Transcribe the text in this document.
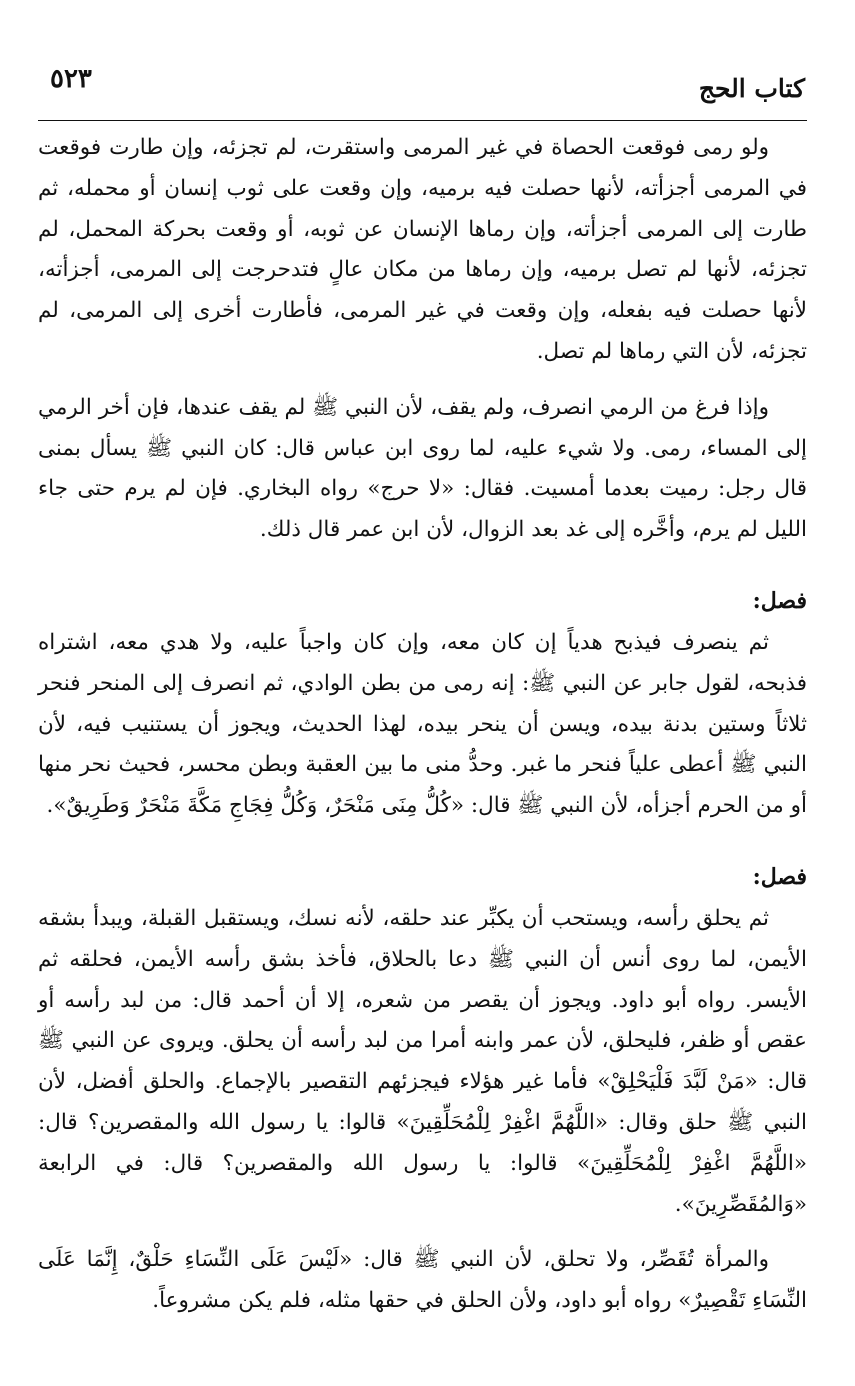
٥٢٣	كتاب الحج

ولو رمى فوقعت الحصاة في غير المرمى واستقرت، لم تجزئه، وإن طارت فوقعت في المرمى أجزأته، لأنها حصلت فيه برميه، وإن وقعت على ثوب إنسان أو محمله، ثم طارت إلى المرمى أجزأته، وإن رماها الإنسان عن ثوبه، أو وقعت بحركة المحمل، لم تجزئه، لأنها لم تصل برميه، وإن رماها من مكان عالٍ فتدحرجت إلى المرمى، أجزأته، لأنها حصلت فيه بفعله، وإن وقعت في غير المرمى، فأطارت أخرى إلى المرمى، لم تجزئه، لأن التي رماها لم تصل.

وإذا فرغ من الرمي انصرف، ولم يقف، لأن النبي ﷺ لم يقف عندها، فإن أخر الرمي إلى المساء، رمى. ولا شيء عليه، لما روى ابن عباس قال: كان النبي ﷺ يسأل بمنى قال رجل: رميت بعدما أمسيت. فقال: «لا حرج» رواه البخاري. فإن لم يرم حتى جاء الليل لم يرم، وأخَّره إلى غد بعد الزوال، لأن ابن عمر قال ذلك.

فصل:

ثم ينصرف فيذبح هدياً إن كان معه، وإن كان واجباً عليه، ولا هدي معه، اشتراه فذبحه، لقول جابر عن النبي ﷺ: إنه رمى من بطن الوادي، ثم انصرف إلى المنحر فنحر ثلاثاً وستين بدنة بيده، ويسن أن ينحر بيده، لهذا الحديث، ويجوز أن يستنيب فيه، لأن النبي ﷺ أعطى علياً فنحر ما غبر. وحدُّ منى ما بين العقبة وبطن محسر، فحيث نحر منها أو من الحرم أجزأه، لأن النبي ﷺ قال: «كُلُّ مِنَى مَنْحَرٌ، وَكُلُّ فِجَاجِ مَكَّةَ مَنْحَرٌ وَطَرِيقٌ».

فصل:

ثم يحلق رأسه، ويستحب أن يكبِّر عند حلقه، لأنه نسك، ويستقبل القبلة، ويبدأ بشقه الأيمن، لما روى أنس أن النبي ﷺ دعا بالحلاق، فأخذ بشق رأسه الأيمن، فحلقه ثم الأيسر. رواه أبو داود. ويجوز أن يقصر من شعره، إلا أن أحمد قال: من لبد رأسه أو عقص أو ظفر، فليحلق، لأن عمر وابنه أمرا من لبد رأسه أن يحلق. ويروى عن النبي ﷺ قال: «مَنْ لَبَّدَ فَلْيَحْلِقْ» فأما غير هؤلاء فيجزئهم التقصير بالإجماع. والحلق أفضل، لأن النبي ﷺ حلق وقال: «اللَّهُمَّ اغْفِرْ لِلْمُحَلِّقِينَ» قالوا: يا رسول الله والمقصرين؟ قال: «اللَّهُمَّ اغْفِرْ لِلْمُحَلِّقِينَ» قالوا: يا رسول الله والمقصرين؟ قال: في الرابعة «وَالمُقَصِّرِينَ».

والمرأة تُقَصِّر، ولا تحلق، لأن النبي ﷺ قال: «لَيْسَ عَلَى النِّسَاءِ حَلْقٌ، إِنَّمَا عَلَى النِّسَاءِ تَقْصِيرٌ» رواه أبو داود، ولأن الحلق في حقها مثله، فلم يكن مشروعاً.
